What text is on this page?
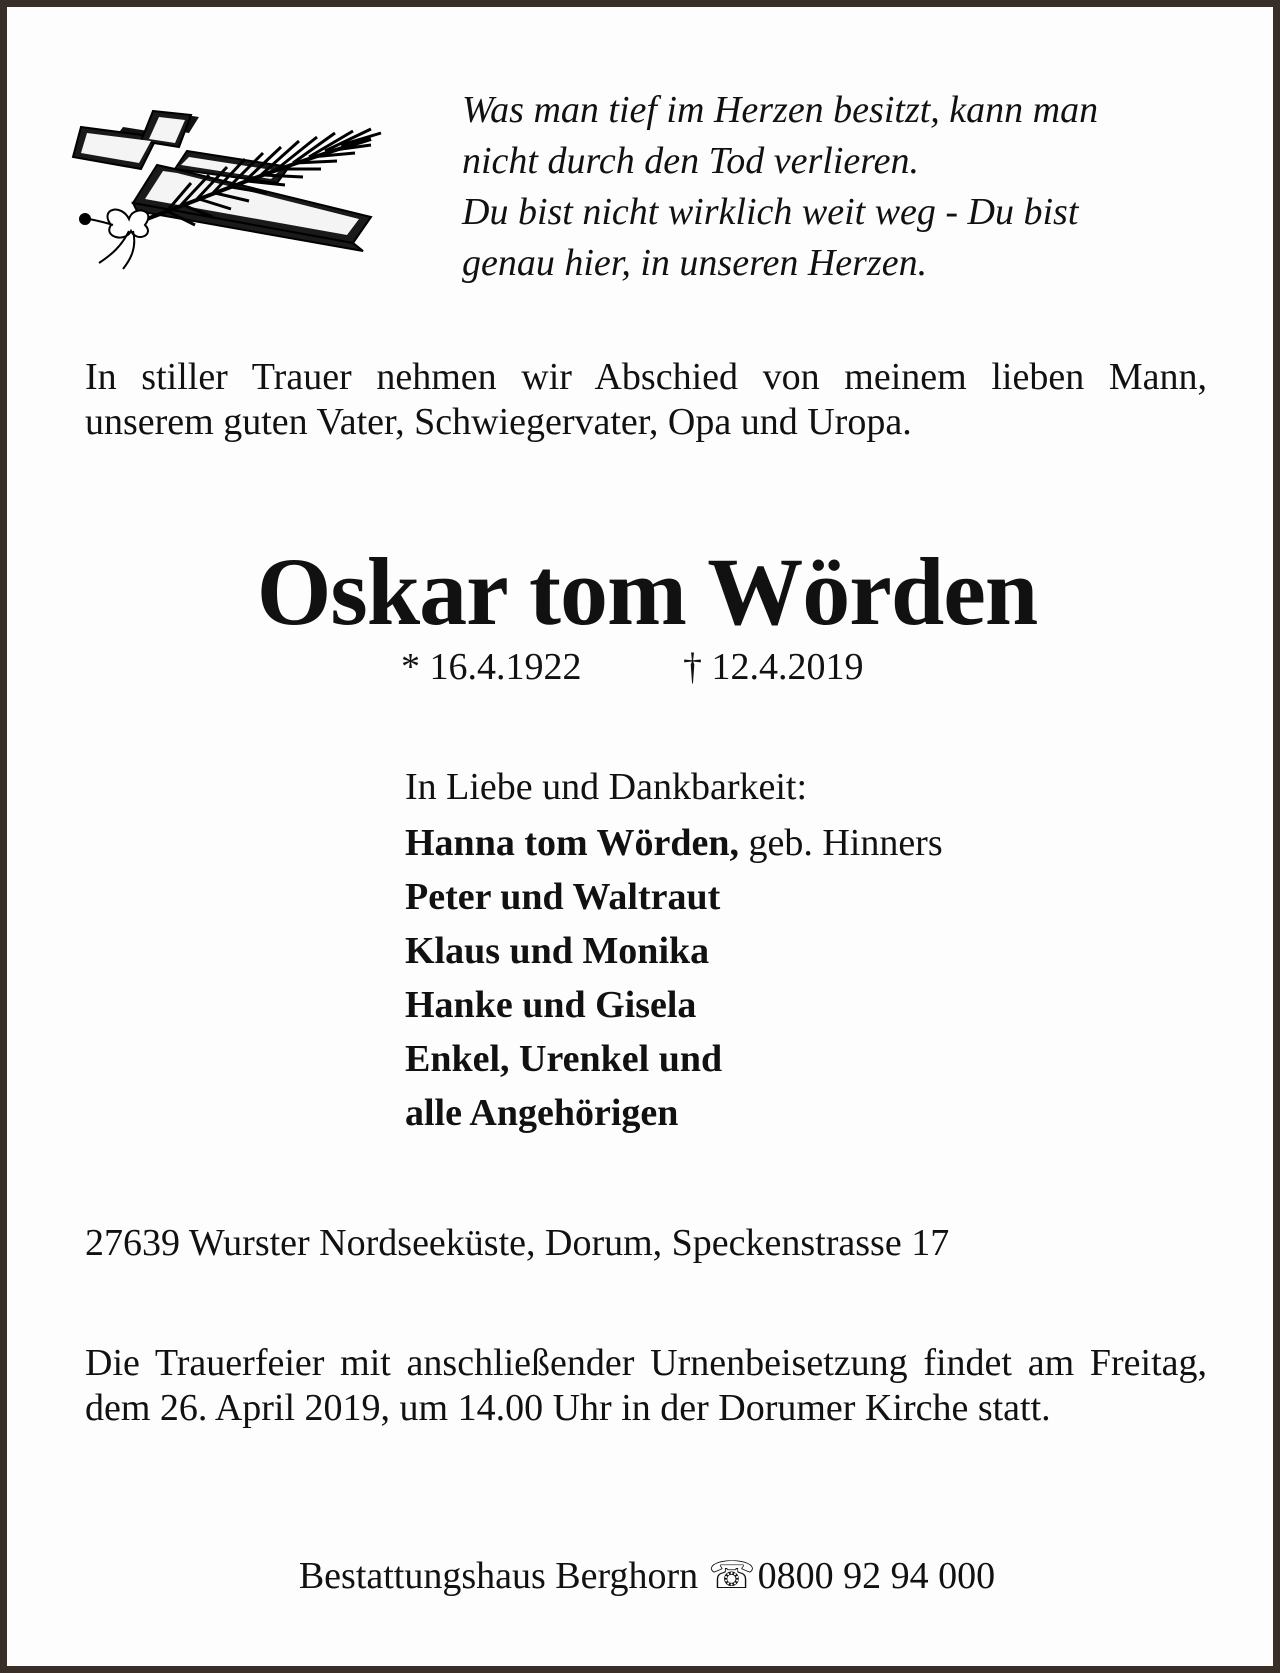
Was man tief im Herzen besitzt, kann man
nicht durch den Tod verlieren.
Du bist nicht wirklich weit weg - Du bist
genau hier, in unseren Herzen.
In stiller Trauer nehmen wir Abschied von meinem lieben Mann, unserem guten Vater, Schwiegervater, Opa und Uropa.
Oskar tom Wörden
* 16.4.1922	† 12.4.2019
In Liebe und Dankbarkeit:
Hanna tom Wörden, geb. Hinners
Peter und Waltraut
Klaus und Monika
Hanke und Gisela
Enkel, Urenkel und
alle Angehörigen
27639 Wurster Nordseeküste, Dorum, Speckenstrasse 17
Die Trauerfeier mit anschließender Urnenbeisetzung findet am Freitag, dem 26. April 2019, um 14.00 Uhr in der Dorumer Kirche statt.
Bestattungshaus Berghorn ☏0800 92 94 000
